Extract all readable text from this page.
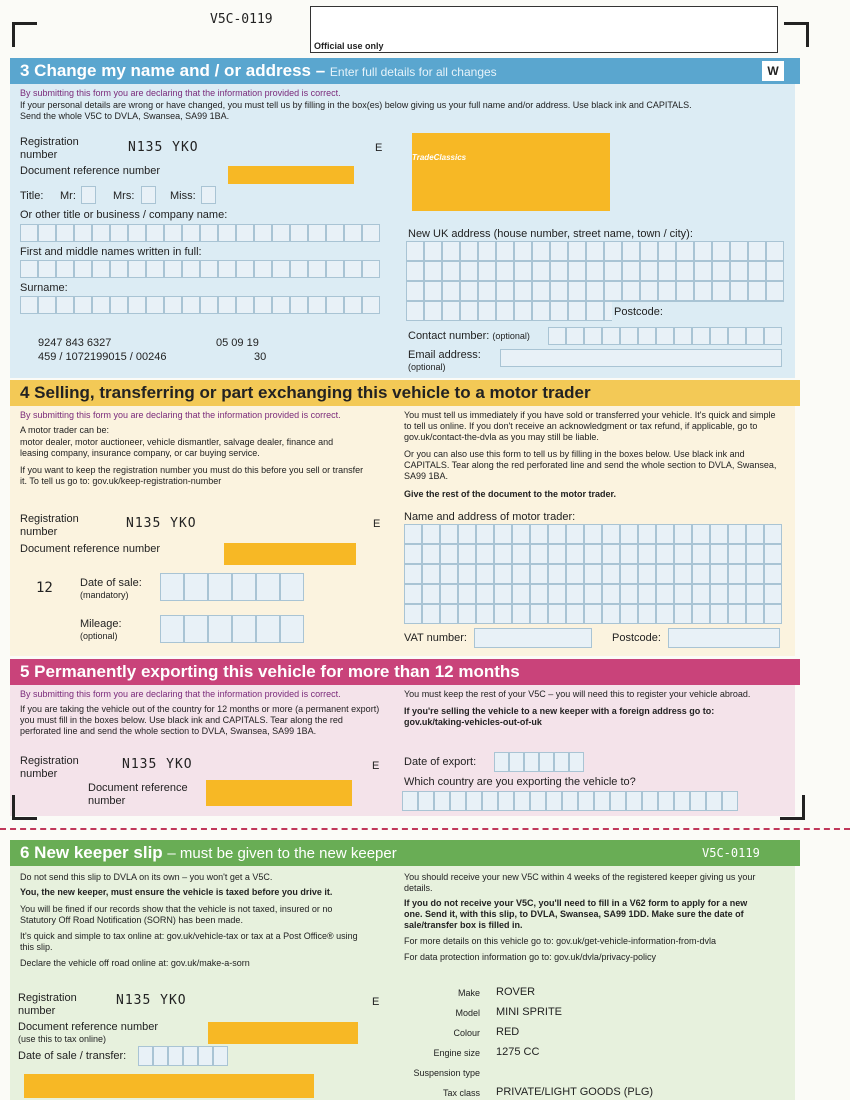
V5C-0119
Official use only
3 Change my name and / or address – Enter full details for all changes	W
By submitting this form you are declaring that the information provided is correct.
If your personal details are wrong or have changed, you must tell us by filling in the box(es) below giving us your full name and/or address. Use black ink and CAPITALS.
Send the whole V5C to DVLA, Swansea, SA99 1BA.
Registration number	N135 YKO	E
Document reference number
Title: Mr:	Mrs:	Miss:
Or other title or business / company name:
First and middle names written in full:
Surname:
9247 843 6327
459 / 1072199015 / 00246
05 09 19
30
TradeClassics
New UK address (house number, street name, town / city):
Postcode:
Contact number: (optional)
Email address:
(optional)
4 Selling, transferring or part exchanging this vehicle to a motor trader
By submitting this form you are declaring that the information provided is correct.
A motor trader can be:
motor dealer, motor auctioneer, vehicle dismantler, salvage dealer, finance and leasing company, insurance company, or car buying service.
If you want to keep the registration number you must do this before you sell or transfer it. To tell us go to: gov.uk/keep-registration-number
You must tell us immediately if you have sold or transferred your vehicle. It's quick and simple to tell us online. If you don't receive an acknowledgment or tax refund, if applicable, go to gov.uk/contact-the-dvla as you may still be liable.
Or you can also use this form to tell us by filling in the boxes below. Use black ink and CAPITALS. Tear along the red perforated line and send the whole section to DVLA, Swansea, SA99 1BA.
Give the rest of the document to the motor trader.
Registration number
N135 YKO	E
Document reference number
12 Date of sale:
(mandatory)
Mileage:
(optional)
Name and address of motor trader:
VAT number:	Postcode:
5 Permanently exporting this vehicle for more than 12 months
By submitting this form you are declaring that the information provided is correct.
If you are taking the vehicle out of the country for 12 months or more (a permanent export) you must fill in the boxes below. Use black ink and CAPITALS. Tear along the red perforated line and send the whole section to DVLA, Swansea, SA99 1BA.
You must keep the rest of your V5C – you will need this to register your vehicle abroad.
If you're selling the vehicle to a new keeper with a foreign address go to: gov.uk/taking-vehicles-out-of-uk
Registration number
N135 YKO	E
Document reference number
Date of export:
Which country are you exporting the vehicle to?
6 New keeper slip – must be given to the new keeper	V5C-0119
Do not send this slip to DVLA on its own – you won't get a V5C.
You, the new keeper, must ensure the vehicle is taxed before you drive it.
You will be fined if our records show that the vehicle is not taxed, insured or no Statutory Off Road Notification (SORN) has been made.
It's quick and simple to tax online at: gov.uk/vehicle-tax or tax at a Post Office® using this slip.
Declare the vehicle off road online at: gov.uk/make-a-sorn
You should receive your new V5C within 4 weeks of the registered keeper giving us your details.
If you do not receive your V5C, you'll need to fill in a V62 form to apply for a new one. Send it, with this slip, to DVLA, Swansea, SA99 1DD. Make sure the date of sale/transfer box is filled in.
For more details on this vehicle go to: gov.uk/get-vehicle-information-from-dvla
For data protection information go to: gov.uk/dvla/privacy-policy
Registration number
N135 YKO	E
Document reference number
(use this to tax online)
Date of sale / transfer:
Make ROVER
Model MINI SPRITE
Colour RED
Engine size 1275 CC
Suspension type
Tax class PRIVATE/LIGHT GOODS (PLG)
